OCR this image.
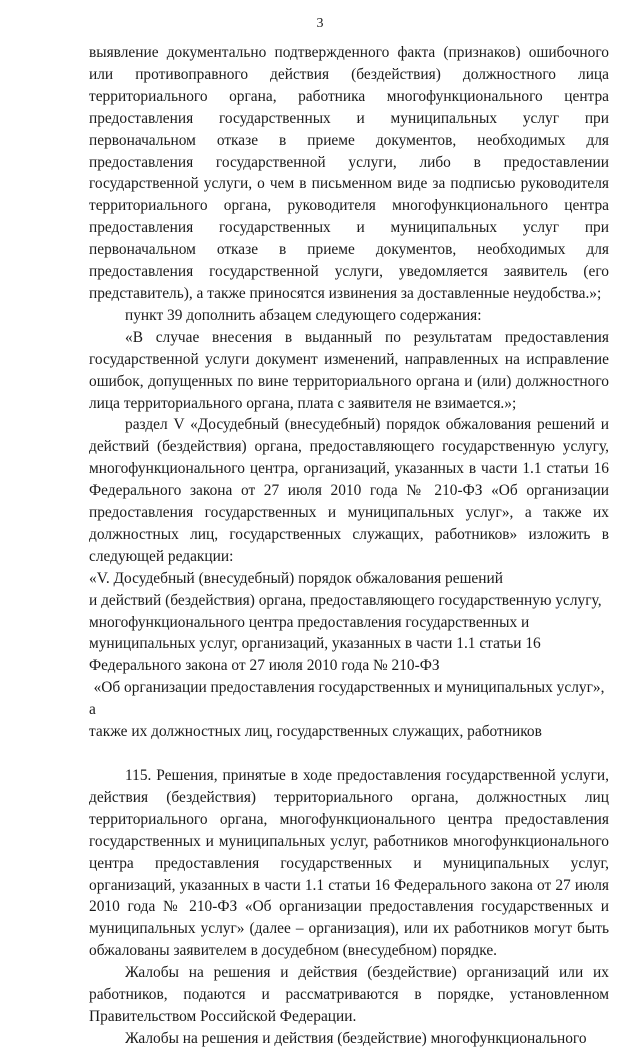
3

выявление документально подтвержденного факта (признаков) ошибочного или противоправного действия (бездействия) должностного лица территориального органа, работника многофункционального центра предоставления государственных и муниципальных услуг при первоначальном отказе в приеме документов, необходимых для предоставления государственной услуги, либо в предоставлении государственной услуги, о чем в письменном виде за подписью руководителя территориального органа, руководителя многофункционального центра предоставления государственных и муниципальных услуг при первоначальном отказе в приеме документов, необходимых для предоставления государственной услуги, уведомляется заявитель (его представитель), а также приносятся извинения за доставленные неудобства.»;

пункт 39 дополнить абзацем следующего содержания:

«В случае внесения в выданный по результатам предоставления государственной услуги документ изменений, направленных на исправление ошибок, допущенных по вине территориального органа и (или) должностного лица территориального органа, плата с заявителя не взимается.»;

раздел V «Досудебный (внесудебный) порядок обжалования решений и действий (бездействия) органа, предоставляющего государственную услугу, многофункционального центра, организаций, указанных в части 1.1 статьи 16 Федерального закона от 27 июля 2010 года № 210-ФЗ «Об организации предоставления государственных и муниципальных услуг», а также их должностных лиц, государственных служащих, работников» изложить в следующей редакции:

«V. Досудебный (внесудебный) порядок обжалования решений

и действий (бездействия) органа, предоставляющего государственную услугу,

многофункционального центра предоставления государственных и

муниципальных услуг, организаций, указанных в части 1.1 статьи 16

Федерального закона от 27 июля 2010 года № 210-ФЗ

«Об организации предоставления государственных и муниципальных услуг», а

также их должностных лиц, государственных служащих, работников

115. Решения, принятые в ходе предоставления государственной услуги, действия (бездействия) территориального органа, должностных лиц территориального органа, многофункционального центра предоставления государственных и муниципальных услуг, работников многофункционального центра предоставления государственных и муниципальных услуг, организаций, указанных в части 1.1 статьи 16 Федерального закона от 27 июля 2010 года № 210-ФЗ «Об организации предоставления государственных и муниципальных услуг» (далее – организация), или их работников могут быть обжалованы заявителем в досудебном (внесудебном) порядке.

Жалобы на решения и действия (бездействие) организаций или их работников, подаются и рассматриваются в порядке, установленном Правительством Российской Федерации.

Жалобы на решения и действия (бездействие) многофункционального
